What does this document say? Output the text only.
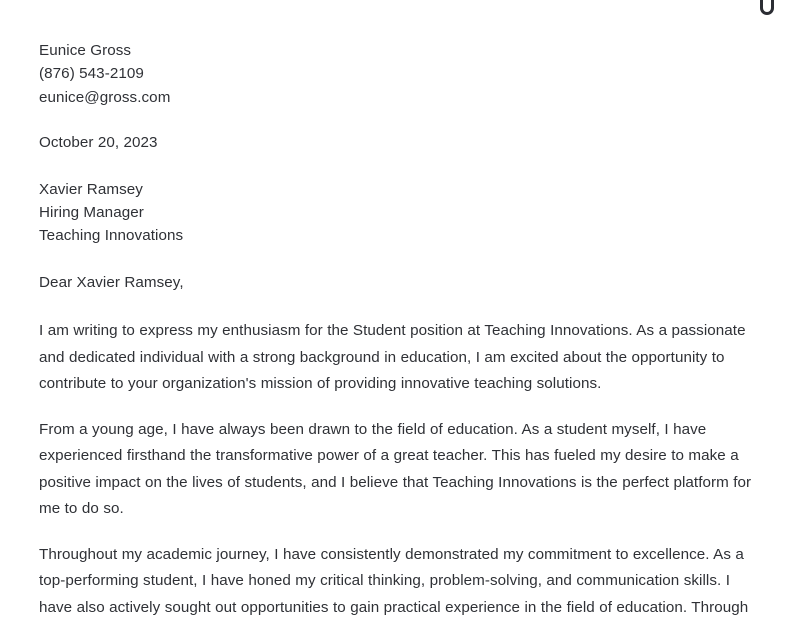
Eunice Gross
(876) 543-2109
eunice@gross.com
October 20, 2023
Xavier Ramsey
Hiring Manager
Teaching Innovations
Dear Xavier Ramsey,

I am writing to express my enthusiasm for the Student position at Teaching Innovations. As a passionate and dedicated individual with a strong background in education, I am excited about the opportunity to contribute to your organization's mission of providing innovative teaching solutions.

From a young age, I have always been drawn to the field of education. As a student myself, I have experienced firsthand the transformative power of a great teacher. This has fueled my desire to make a positive impact on the lives of students, and I believe that Teaching Innovations is the perfect platform for me to do so.

Throughout my academic journey, I have consistently demonstrated my commitment to excellence. As a top-performing student, I have honed my critical thinking, problem-solving, and communication skills. I have also actively sought out opportunities to gain practical experience in the field of education. Through
